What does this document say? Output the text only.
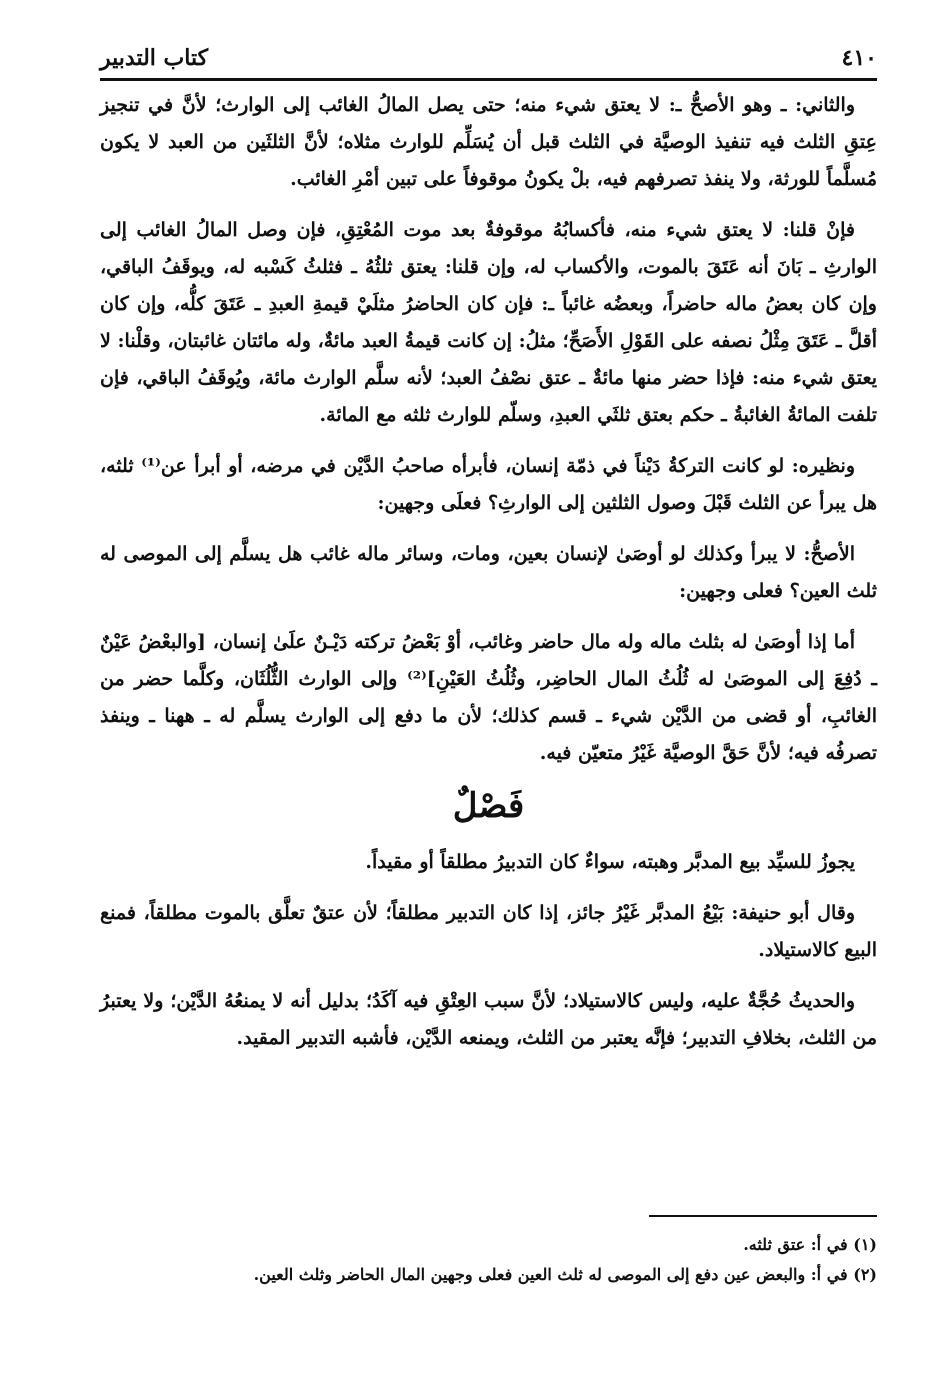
٤١٠
كتاب التدبير

والثاني: ـ وهو الأصحُّ ـ: لا يعتق شيء منه؛ حتى يصل المالُ الغائب إلى الوارث؛ لأنَّ في تنجيز عِتقِ الثلث فيه تنفيذ الوصيَّة في الثلث قبل أن يُسَلِّم للوارث مثلاه؛ لأنَّ الثلثَين من العبد لا يكون مُسلَّماً للورثة، ولا ينفذ تصرفهم فيه، بلْ يكونُ موقوفاً على تبين أمْرِ الغائب.

فإنْ قلنا: لا يعتق شيء منه، فأكسابُهُ موقوفةٌ بعد موت المُعْتِقِ، فإن وصل المالُ الغائب إلى الوارثِ ـ بَانَ أنه عَتَقَ بالموت، والأكساب له، وإن قلنا: يعتق ثلثُهُ ـ فثلثُ كَسْبه له، ويوقَفُ الباقي، وإن كان بعضُ ماله حاضراً، وبعضُه غائباً ـ: فإن كان الحاضرُ مثلَيْ قيمةِ العبدِ ـ عَتَقَ كلُّه، وإن كان أقلَّ ـ عَتَقَ مِثْلُ نصفه على القَوْلِ الأَصَحِّ؛ مثلُ: إن كانت قيمةُ العبد مائةٌ، وله مائتان غائبتان، وقلْنا: لا يعتق شيء منه: فإذا حضر منها مائةٌ ـ عتق نصْفُ العبد؛ لأنه سلَّم الوارث مائة، ويُوقَفُ الباقي، فإن تلفت المائةُ الغائبةُ ـ حكم بعتق ثلثَي العبدِ، وسلّم للوارث ثلثه مع المائة.

ونظيره: لو كانت التركةُ دَيْناً في ذمّة إنسان، فأبرأه صاحبُ الدَّيْن في مرضه، أو أبرأ عن⁽¹⁾ ثلثه، هل يبرأ عن الثلث قَبْلَ وصول الثلثين إلى الوارثِ؟ فعلَى وجهين:

الأصحُّ: لا يبرأ وكذلك لو أوصَىٰ لإنسان بعين، ومات، وسائر ماله غائب هل يسلَّم إلى الموصى له ثلث العين؟ فعلى وجهين:

أما إذا أوصَىٰ له بثلث ماله وله مال حاضر وغائب، أوْ بَعْضُ تركته دَيْـنٌ علَىٰ إنسان، [والبعْضُ عَيْنٌ ـ دُفِعَ إلى الموصَىٰ له ثُلُثُ المال الحاضِر، وثُلُثُ العَيْنِ]⁽²⁾ وإلى الوارث الثُّلُثَان، وكلَّما حضر من الغائبِ، أو قضى من الدَّيْن شيء ـ قسم كذلك؛ لأن ما دفع إلى الوارث يسلَّم له ـ ههنا ـ وينفذ تصرفُه فيه؛ لأنَّ حَقَّ الوصيَّة غَيْرُ متعيّن فيه.

فَصْلٌ

يجوزُ للسيِّد بيع المدبَّر وهبته، سواءٌ كان التدبيرُ مطلقاً أو مقيداً.

وقال أبو حنيفة: بَيْعُ المدبَّر غَيْرُ جائز، إذا كان التدبير مطلقاً؛ لأن عتقٌ تعلَّق بالموت مطلقاً، فمنع البيع كالاستيلاد.

والحديثُ حُجَّةٌ عليه، وليس كالاستيلاد؛ لأنَّ سبب العِتْقِ فيه آكَدُ؛ بدليل أنه لا يمنعُهُ الدَّيْن؛ ولا يعتبرُ من الثلث، بخلافِ التدبير؛ فإنَّه يعتبر من الثلث، ويمنعه الدَّيْن، فأشبه التدبير المقيد.

(١) في أ: عتق ثلثه.

(٢) في أ: والبعض عين دفع إلى الموصى له ثلث العين فعلى وجهين المال الحاضر وثلث العين.
